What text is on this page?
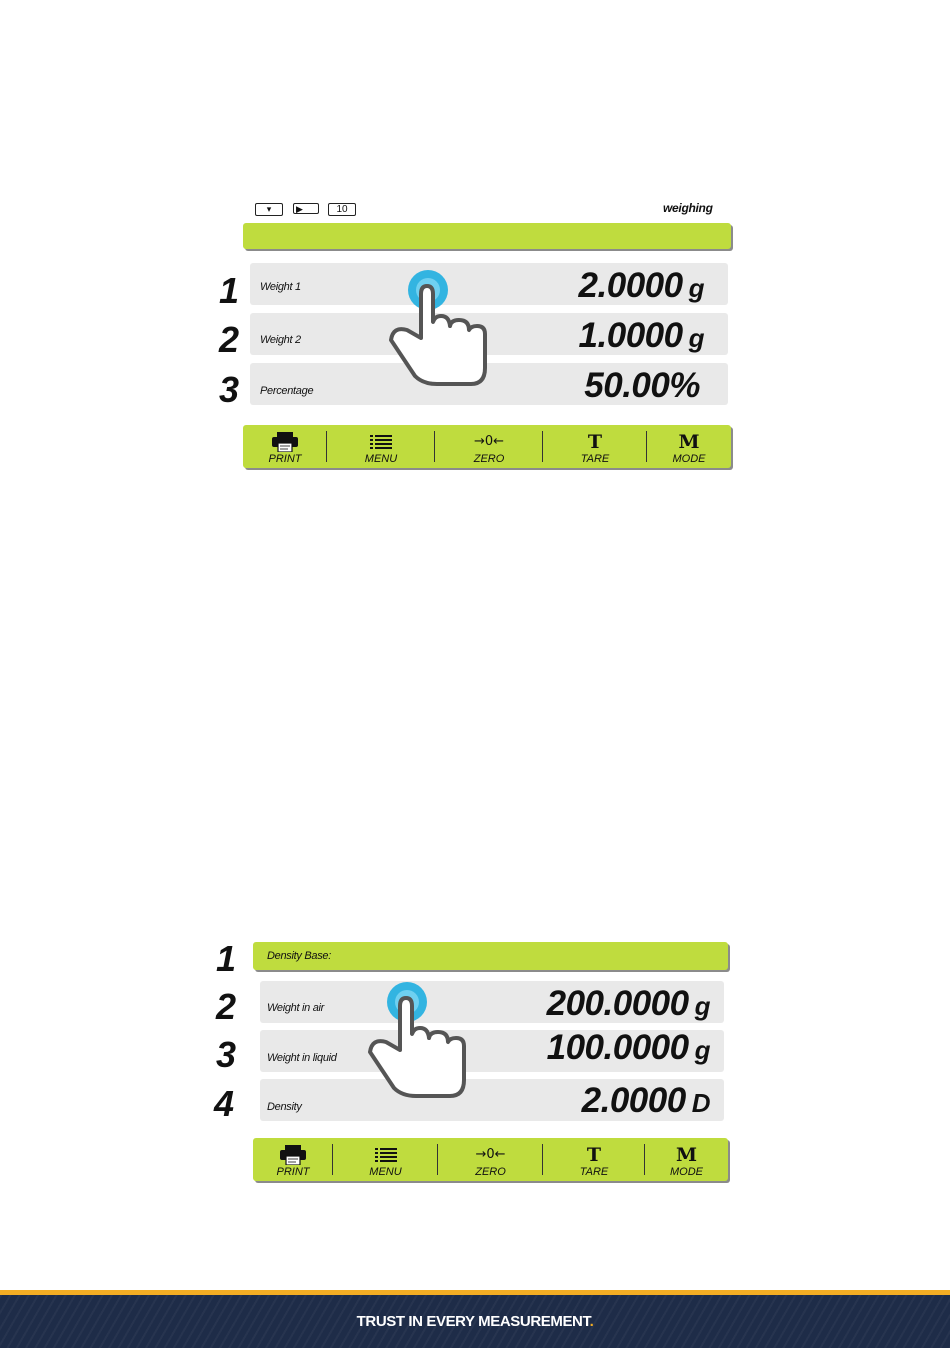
▾	▶	10	weighing
1 Weight 1	2.0000 g
2 Weight 2	1.0000 g
3 Percentage	50.00%
PRINT	MENU
→0←
ZERO
T
TARE
M
MODE
1	Density Base:
2	Weight in air	200.0000 g
3	Weight in liquid	100.0000 g
4	Density	2.0000 D
PRINT	MENU
→0←
ZERO
T
TARE
M
MODE
TRUST IN EVERY MEASUREMENT.
